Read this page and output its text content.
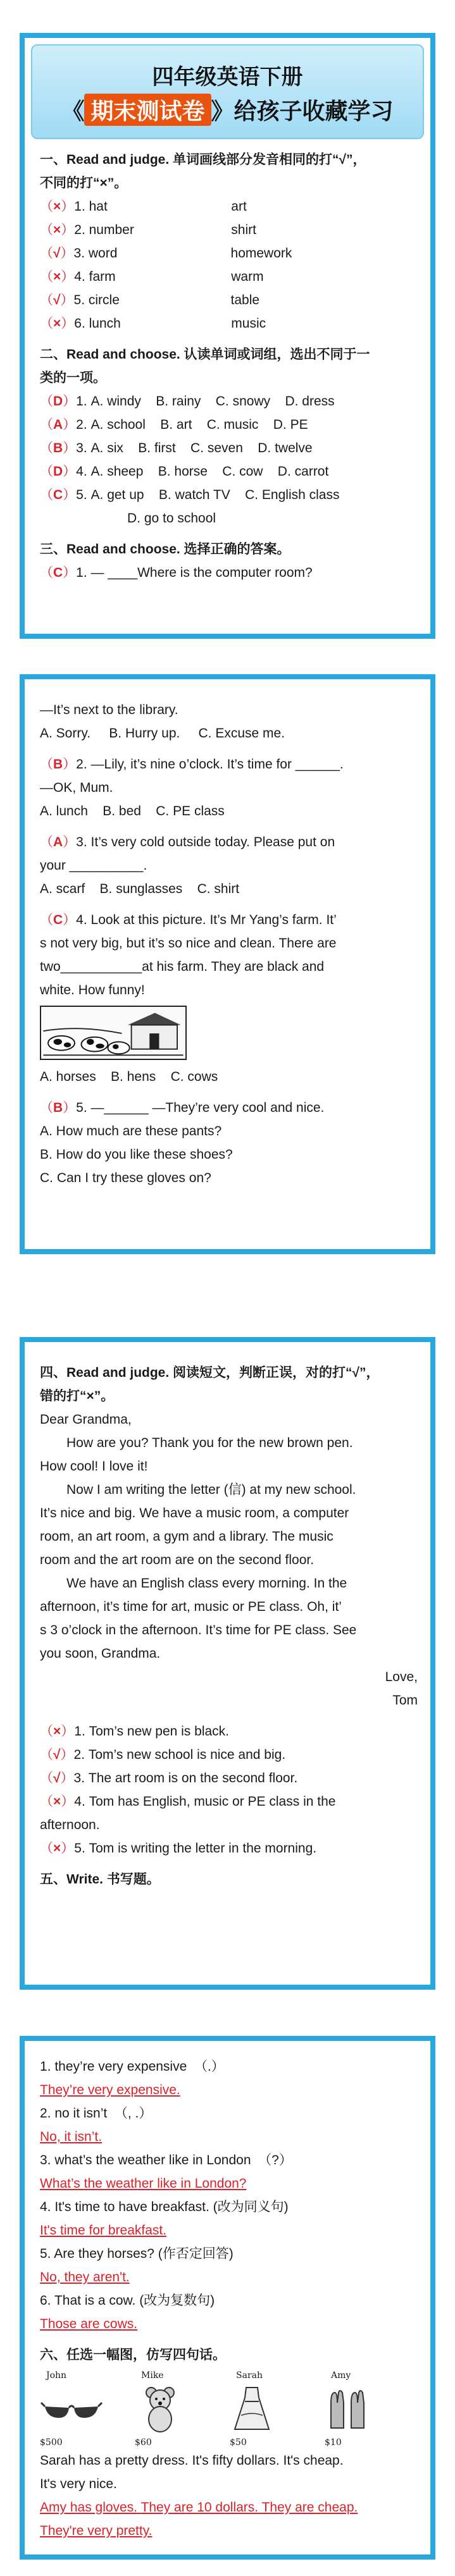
四年级英语下册
《 期末测试卷 》给孩子收藏学习
一、Read and judge. 单词画线部分发音相同的打“√”，
不同的打“×”。
（×）1. hat	art
（×）2. number	shirt
（√）3. word	homework
（×）4. farm	warm
（√）5. circle	table
（×）6. lunch	music
二、Read and choose. 认读单词或词组，选出不同于一
类的一项。
（D）1. A. windy    B. rainy    C. snowy    D. dress
（A）2. A. school    B. art    C. music    D. PE
（B）3. A. six    B. first    C. seven    D. twelve
（D）4. A. sheep    B. horse    C. cow    D. carrot
（C）5. A. get up    B. watch TV    C. English class
D. go to school
三、Read and choose. 选择正确的答案。
（C）1. — ____Where is the computer room?
—It’s next to the library.
A. Sorry.     B. Hurry up.     C. Excuse me.
（B）2. —Lily, it’s nine o’clock. It’s time for ______.
—OK, Mum.
A. lunch    B. bed    C. PE class
（A）3. It’s very cold outside today. Please put on
your __________.
A. scarf    B. sunglasses    C. shirt
（C）4. Look at this picture. It’s Mr Yang’s farm. It’
s not very big, but it’s so nice and clean. There are
two___________at his farm. They are black and
white. How funny!
A. horses    B. hens    C. cows
（B）5. —______ —They’re very cool and nice.
A. How much are these pants?
B. How do you like these shoes?
C. Can I try these gloves on?
四、Read and judge. 阅读短文，判断正误，对的打“√”，
错的打“×”。
Dear Grandma,
How are you? Thank you for the new brown pen.
How cool! I love it!
Now I am writing the letter (信) at my new school.
It’s nice and big. We have a music room, a computer
room, an art room, a gym and a library. The music
room and the art room are on the second floor.
We have an English class every morning. In the
afternoon, it’s time for art, music or PE class. Oh, it’
s 3 o’clock in the afternoon. It’s time for PE class. See
you soon, Grandma.
Love,
Tom
（×）1. Tom’s new pen is black.
（√）2. Tom’s new school is nice and big.
（√）3. The art room is on the second floor.
（×）4. Tom has English, music or PE class in the
afternoon.
（×）5. Tom is writing the letter in the morning.
五、Write. 书写题。
1. they’re very expensive  （.）
They’re very expensive.
2. no it isn’t  （, .）
No, it isn’t.
3. what’s the weather like in London  （?）
What’s the weather like in London?
4. It's time to have breakfast. (改为同义句)
It's time for breakfast.
5. Are they horses? (作否定回答)
No, they aren't.
6. That is a cow. (改为复数句)
Those are cows.
六、任选一幅图，仿写四句话。
John
$500
Mike
$60
Sarah
$50
Amy
$10
Sarah has a pretty dress. It's fifty dollars. It's cheap.
It's very nice.
Amy has gloves. They are 10 dollars. They are cheap.
They're very pretty.
